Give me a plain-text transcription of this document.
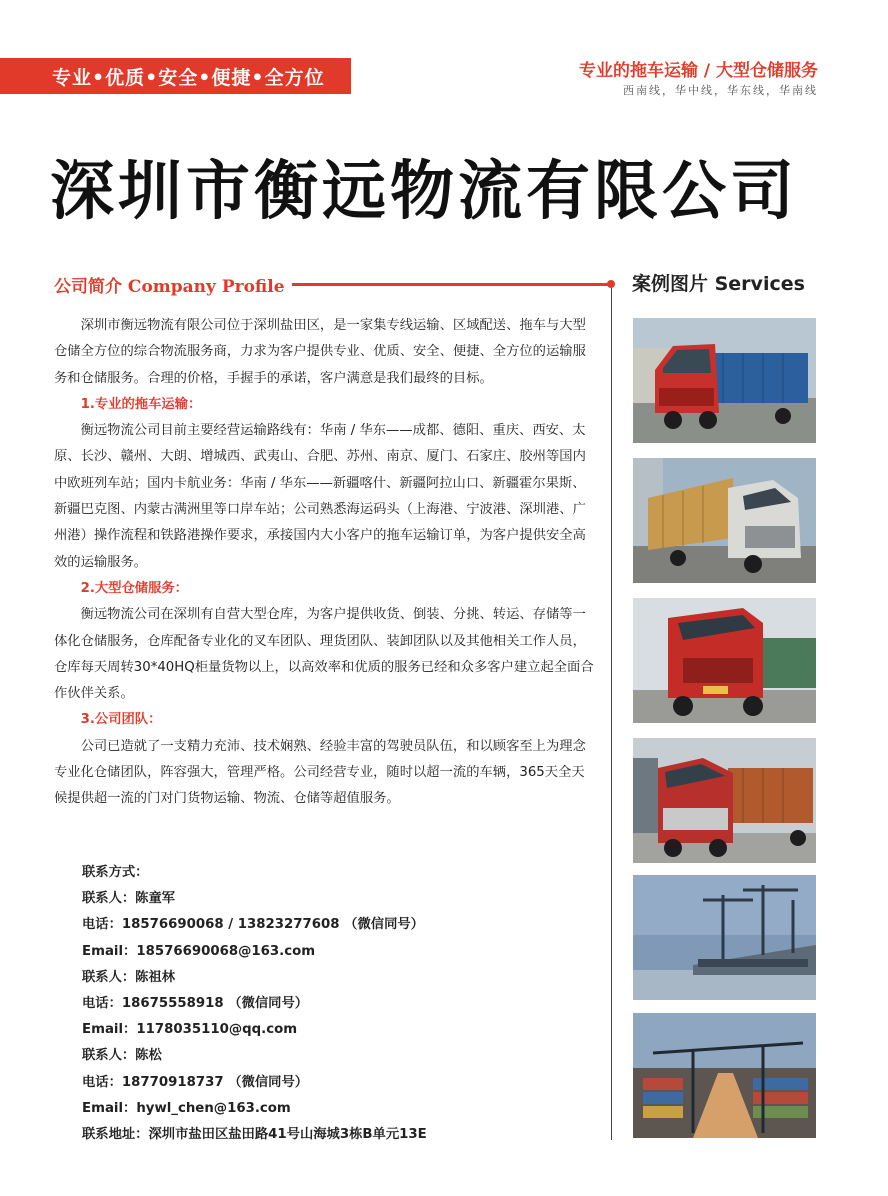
专业•优质•安全•便捷•全方位	专业的拖车运输 / 大型仓储服务
西南线，华中线，华东线，华南线
深圳市衡远物流有限公司
公司简介 Company Profile	案例图片 Services

深圳市衡远物流有限公司位于深圳盐田区，是一家集专线运输、区域配送、拖车与大型仓储全方位的综合物流服务商，力求为客户提供专业、优质、安全、便捷、全方位的运输服务和仓储服务。合理的价格，手握手的承诺，客户满意是我们最终的目标。

1.专业的拖车运输：

衡远物流公司目前主要经营运输路线有：华南 / 华东——成都、德阳、重庆、西安、太原、长沙、赣州、大朗、增城西、武夷山、合肥、苏州、南京、厦门、石家庄、胶州等国内中欧班列车站；国内卡航业务：华南 / 华东——新疆喀什、新疆阿拉山口、新疆霍尔果斯、新疆巴克图、内蒙古满洲里等口岸车站；公司熟悉海运码头（上海港、宁波港、深圳港、广州港）操作流程和铁路港操作要求，承接国内大小客户的拖车运输订单，为客户提供安全高效的运输服务。

2.大型仓储服务：

衡远物流公司在深圳有自营大型仓库，为客户提供收货、倒装、分挑、转运、存储等一体化仓储服务，仓库配备专业化的叉车团队、理货团队、装卸团队以及其他相关工作人员，仓库每天周转30*40HQ柜量货物以上，以高效率和优质的服务已经和众多客户建立起全面合作伙伴关系。

3.公司团队：

公司已造就了一支精力充沛、技术娴熟、经验丰富的驾驶员队伍，和以顾客至上为理念专业化仓储团队，阵容强大，管理严格。公司经营专业，随时以超一流的车辆，365天全天候提供超一流的门对门货物运输、物流、仓储等超值服务。

联系方式：
联系人：陈童军
电话：18576690068 / 13823277608 （微信同号）
Email：18576690068@163.com
联系人：陈祖林
电话：18675558918 （微信同号）
Email：1178035110@qq.com
联系人：陈松
电话：18770918737 （微信同号）
Email：hywl_chen@163.com
联系地址：深圳市盐田区盐田路41号山海城3栋B单元13E
